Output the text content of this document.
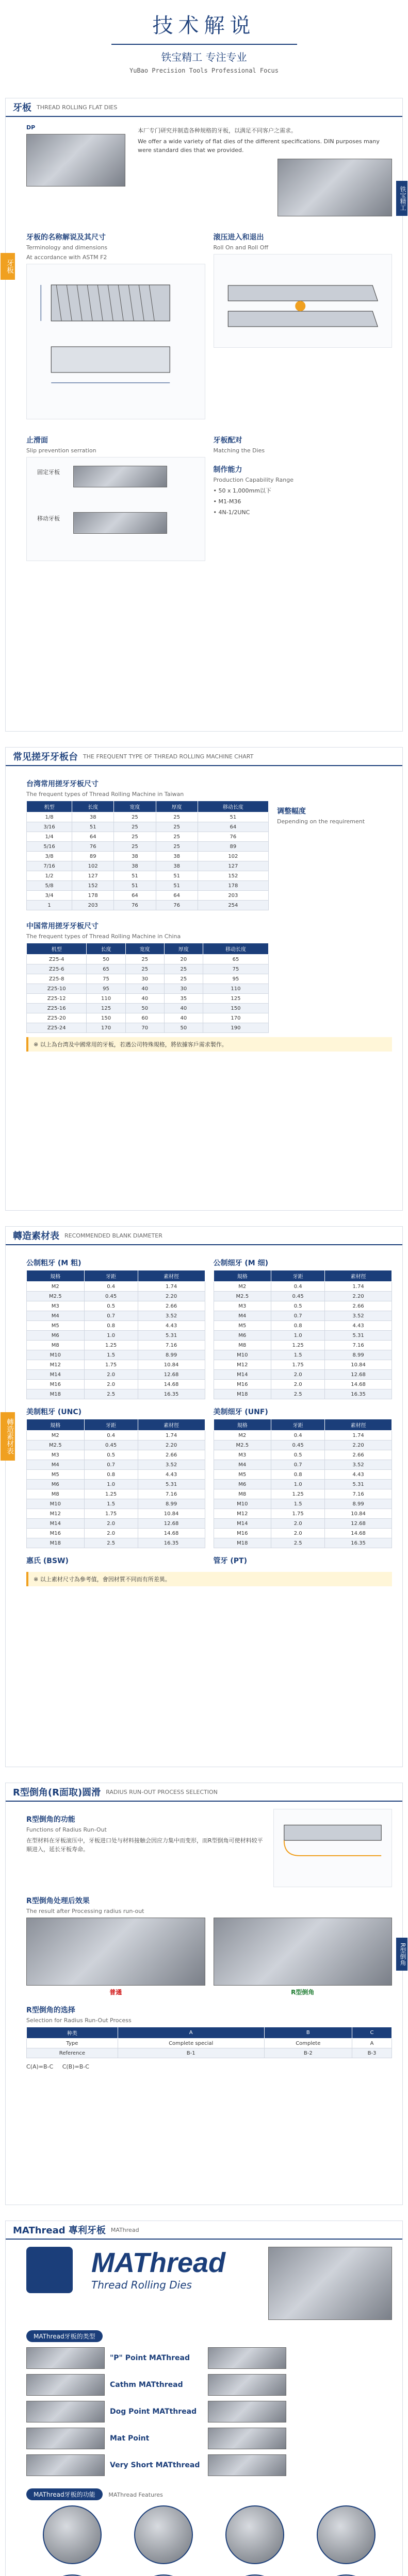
技术解说
铁宝精工 专注专业
YuBao Precision Tools Professional Focus
牙板 THREAD ROLLING FLAT DIES
牙板
铁宝精工
DP	本厂专门研究并制造各种规格的牙板，以满足不同客户之需求。
We offer a wide variety of flat dies of the different specifications. DIN purposes many were standard dies that we provided.
牙板的名称解说及其尺寸
Terminology and dimensions
At accordance with ASTM F2
滚压进入和退出
Roll On and Roll Off
止滑面
Slip prevention serration
固定牙板
移动牙板
牙板配对
Matching the Dies
制作能力
Production Capability Range
• 50 x 1,000mm以下
• M1-M36
• 4N-1/2UNC
常见搓牙牙板台 THE FREQUENT TYPE OF THREAD ROLLING MACHINE CHART
台湾常用搓牙牙板尺寸
The frequent types of Thread Rolling Machine in Taiwan
机型	长度	宽度	厚度	移动长度
1/8	38	25	25	51
3/16	51	25	25	64
1/4	64	25	25	76
5/16	76	25	25	89
3/8	89	38	38	102
7/16	102	38	38	127
1/2	127	51	51	152
5/8	152	51	51	178
3/4	178	64	64	203
1	203	76	76	254
调整幅度
Depending on the requirement
中国常用搓牙牙板尺寸
The frequent types of Thread Rolling Machine in China
机型	长度	宽度	厚度	移动长度
Z25-4	50	25	20	65
Z25-6	65	25	25	75
Z25-8	75	30	25	95
Z25-10	95	40	30	110
Z25-12	110	40	35	125
Z25-16	125	50	40	150
Z25-20	150	60	40	170
Z25-24	170	70	50	190
※ 以上為台湾及中國常用的牙板，若遇公司特殊規格，將依據客戶需求製作。
轉造素材表 RECOMMENDED BLANK DIAMETER
轉造素材表
公制粗牙 (M 粗)
規格	牙距	素材徑
M2	0.4	1.74
M2.5	0.45	2.20
M3	0.5	2.66
M4	0.7	3.52
M5	0.8	4.43
M6	1.0	5.31
M8	1.25	7.16
M10	1.5	8.99
M12	1.75	10.84
M14	2.0	12.68
M16	2.0	14.68
M18	2.5	16.35
美制粗牙 (UNC)
規格	牙距	素材徑
M2	0.4	1.74
M2.5	0.45	2.20
M3	0.5	2.66
M4	0.7	3.52
M5	0.8	4.43
M6	1.0	5.31
M8	1.25	7.16
M10	1.5	8.99
M12	1.75	10.84
M14	2.0	12.68
M16	2.0	14.68
M18	2.5	16.35
惠氏 (BSW)
公制细牙 (M 细)
規格	牙距	素材徑
M2	0.4	1.74
M2.5	0.45	2.20
M3	0.5	2.66
M4	0.7	3.52
M5	0.8	4.43
M6	1.0	5.31
M8	1.25	7.16
M10	1.5	8.99
M12	1.75	10.84
M14	2.0	12.68
M16	2.0	14.68
M18	2.5	16.35
美制细牙 (UNF)
規格	牙距	素材徑
M2	0.4	1.74
M2.5	0.45	2.20
M3	0.5	2.66
M4	0.7	3.52
M5	0.8	4.43
M6	1.0	5.31
M8	1.25	7.16
M10	1.5	8.99
M12	1.75	10.84
M14	2.0	12.68
M16	2.0	14.68
M18	2.5	16.35
管牙 (PT)
※ 以上素材尺寸為參考值，會因材質不同而有所差異。
R型倒角(R面取)圆滑 RADIUS RUN-OUT PROCESS SELECTION
R型倒角
R型倒角的功能
Functions of Radius Run-Out
在型材料在牙板滚压中，牙板进口处与材料接触会因应力集中而变形，而R型倒角可使材料较平顺进入，延长牙板寿命。
R型倒角处理后效果
The result after Processing radius run-out
普通	R型倒角
R型倒角的选择
Selection for Radius Run-Out Process
种类	A	B	C
Type	Complete special	Complete	A
Reference	B-1	B-2	B-3
C(A)=B-C C(B)=B-C
MAThread 專利牙板 MAThread
MAThread
Thread Rolling Dies
MAThread牙板的类型
"P" Point MAThread
Cathm MATthread
Dog Point MATthread
Mat Point
Very Short MATthread
MAThread牙板的功能 MAThread Features
